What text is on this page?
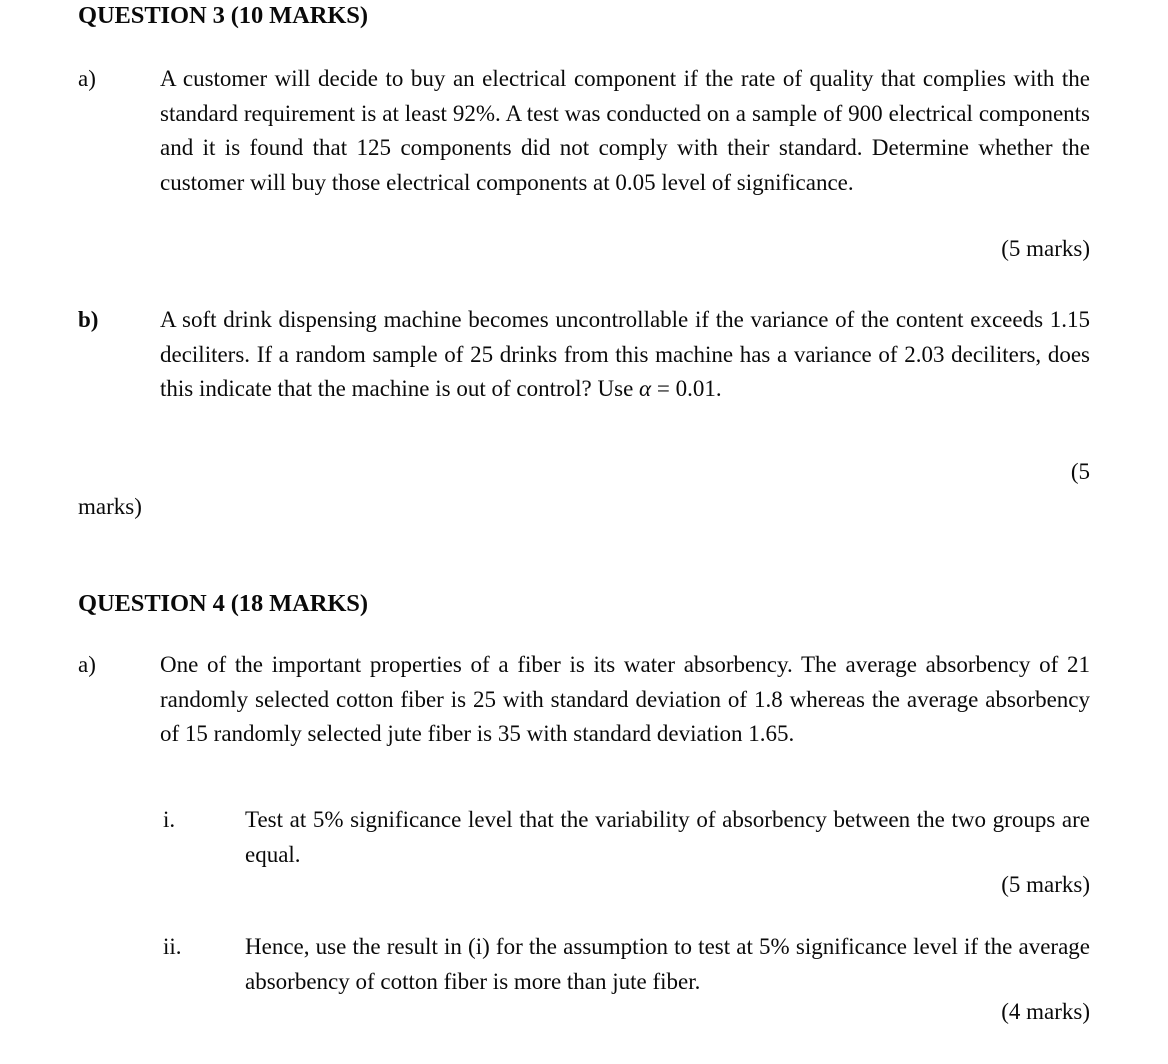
QUESTION 3 (10 MARKS)
a)	A customer will decide to buy an electrical component if the rate of quality that complies with the standard requirement is at least 92%. A test was conducted on a sample of 900 electrical components and it is found that 125 components did not comply with their standard. Determine whether the customer will buy those electrical components at 0.05 level of significance.

(5 marks)
b)	A soft drink dispensing machine becomes uncontrollable if the variance of the content exceeds 1.15 deciliters. If a random sample of 25 drinks from this machine has a variance of 2.03 deciliters, does this indicate that the machine is out of control? Use α = 0.01.

(5
marks)
QUESTION 4 (18 MARKS)
a)	One of the important properties of a fiber is its water absorbency. The average absorbency of 21 randomly selected cotton fiber is 25 with standard deviation of 1.8 whereas the average absorbency of 15 randomly selected jute fiber is 35 with standard deviation 1.65.

i.	Test at 5% significance level that the variability of absorbency between the two groups are equal.

(5 marks)
ii.	Hence, use the result in (i) for the assumption to test at 5% significance level if the average absorbency of cotton fiber is more than jute fiber.

(4 marks)
